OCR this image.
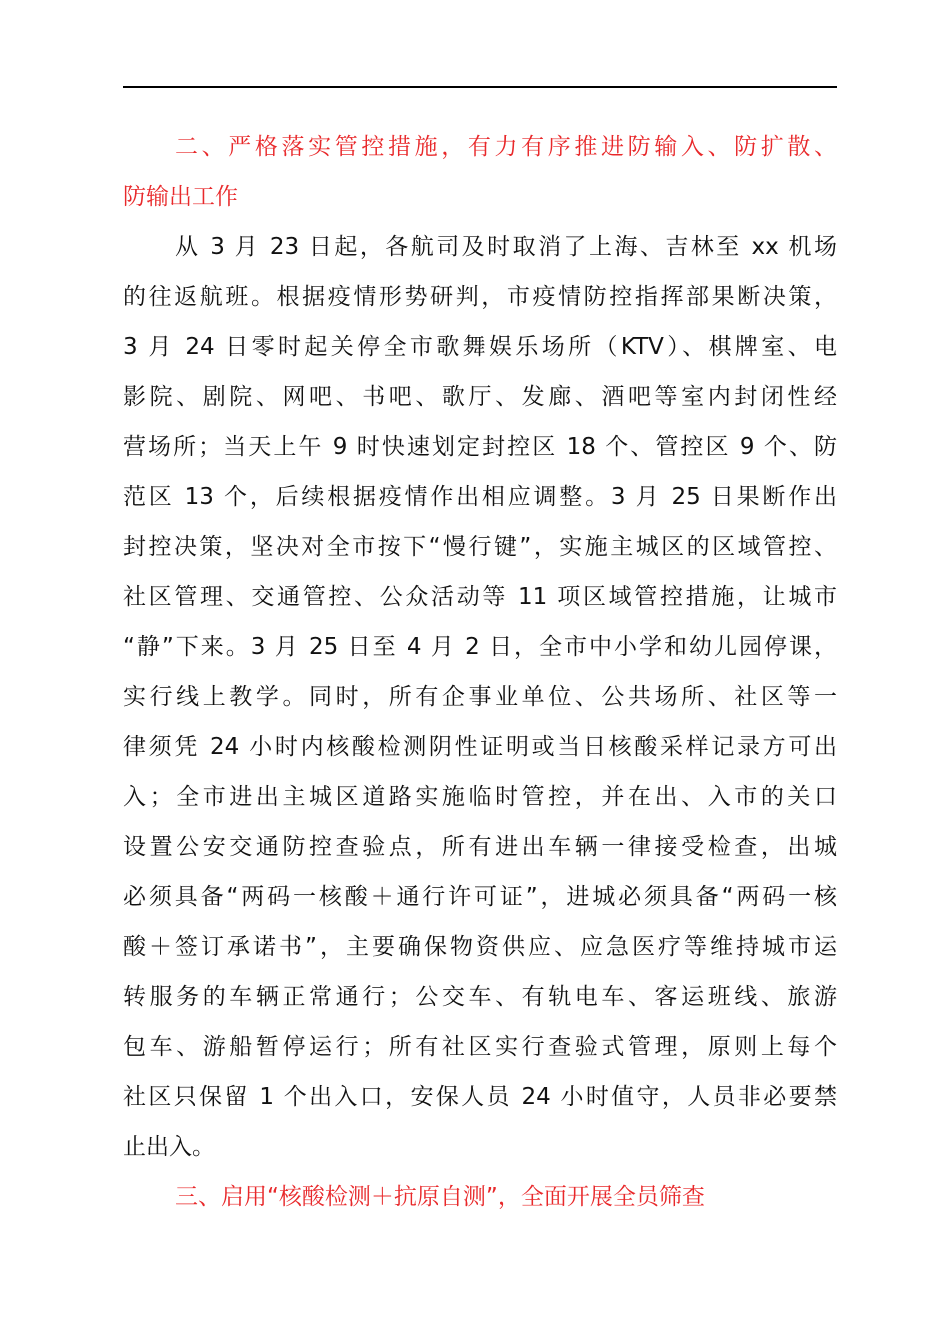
二、严格落实管控措施，有力有序推进防输入、防扩散、
防输出工作
从 3 月 23 日起，各航司及时取消了上海、吉林至 xx 机场
的往返航班。根据疫情形势研判，市疫情防控指挥部果断决策，
3 月 24 日零时起关停全市歌舞娱乐场所（KTV）、棋牌室、电
影院、剧院、网吧、书吧、歌厅、发廊、酒吧等室内封闭性经
营场所；当天上午 9 时快速划定封控区 18 个、管控区 9 个、防
范区 13 个，后续根据疫情作出相应调整。3 月 25 日果断作出
封控决策，坚决对全市按下“慢行键”，实施主城区的区域管控、
社区管理、交通管控、公众活动等 11 项区域管控措施，让城市
“静”下来。3 月 25 日至 4 月 2 日，全市中小学和幼儿园停课，
实行线上教学。同时，所有企事业单位、公共场所、社区等一
律须凭 24 小时内核酸检测阴性证明或当日核酸采样记录方可出
入；全市进出主城区道路实施临时管控，并在出、入市的关口
设置公安交通防控查验点，所有进出车辆一律接受检查，出城
必须具备“两码一核酸＋通行许可证”，进城必须具备“两码一核
酸＋签订承诺书”，主要确保物资供应、应急医疗等维持城市运
转服务的车辆正常通行；公交车、有轨电车、客运班线、旅游
包车、游船暂停运行；所有社区实行查验式管理，原则上每个
社区只保留 1 个出入口，安保人员 24 小时值守，人员非必要禁
止出入。
三、启用“核酸检测＋抗原自测”，全面开展全员筛查
